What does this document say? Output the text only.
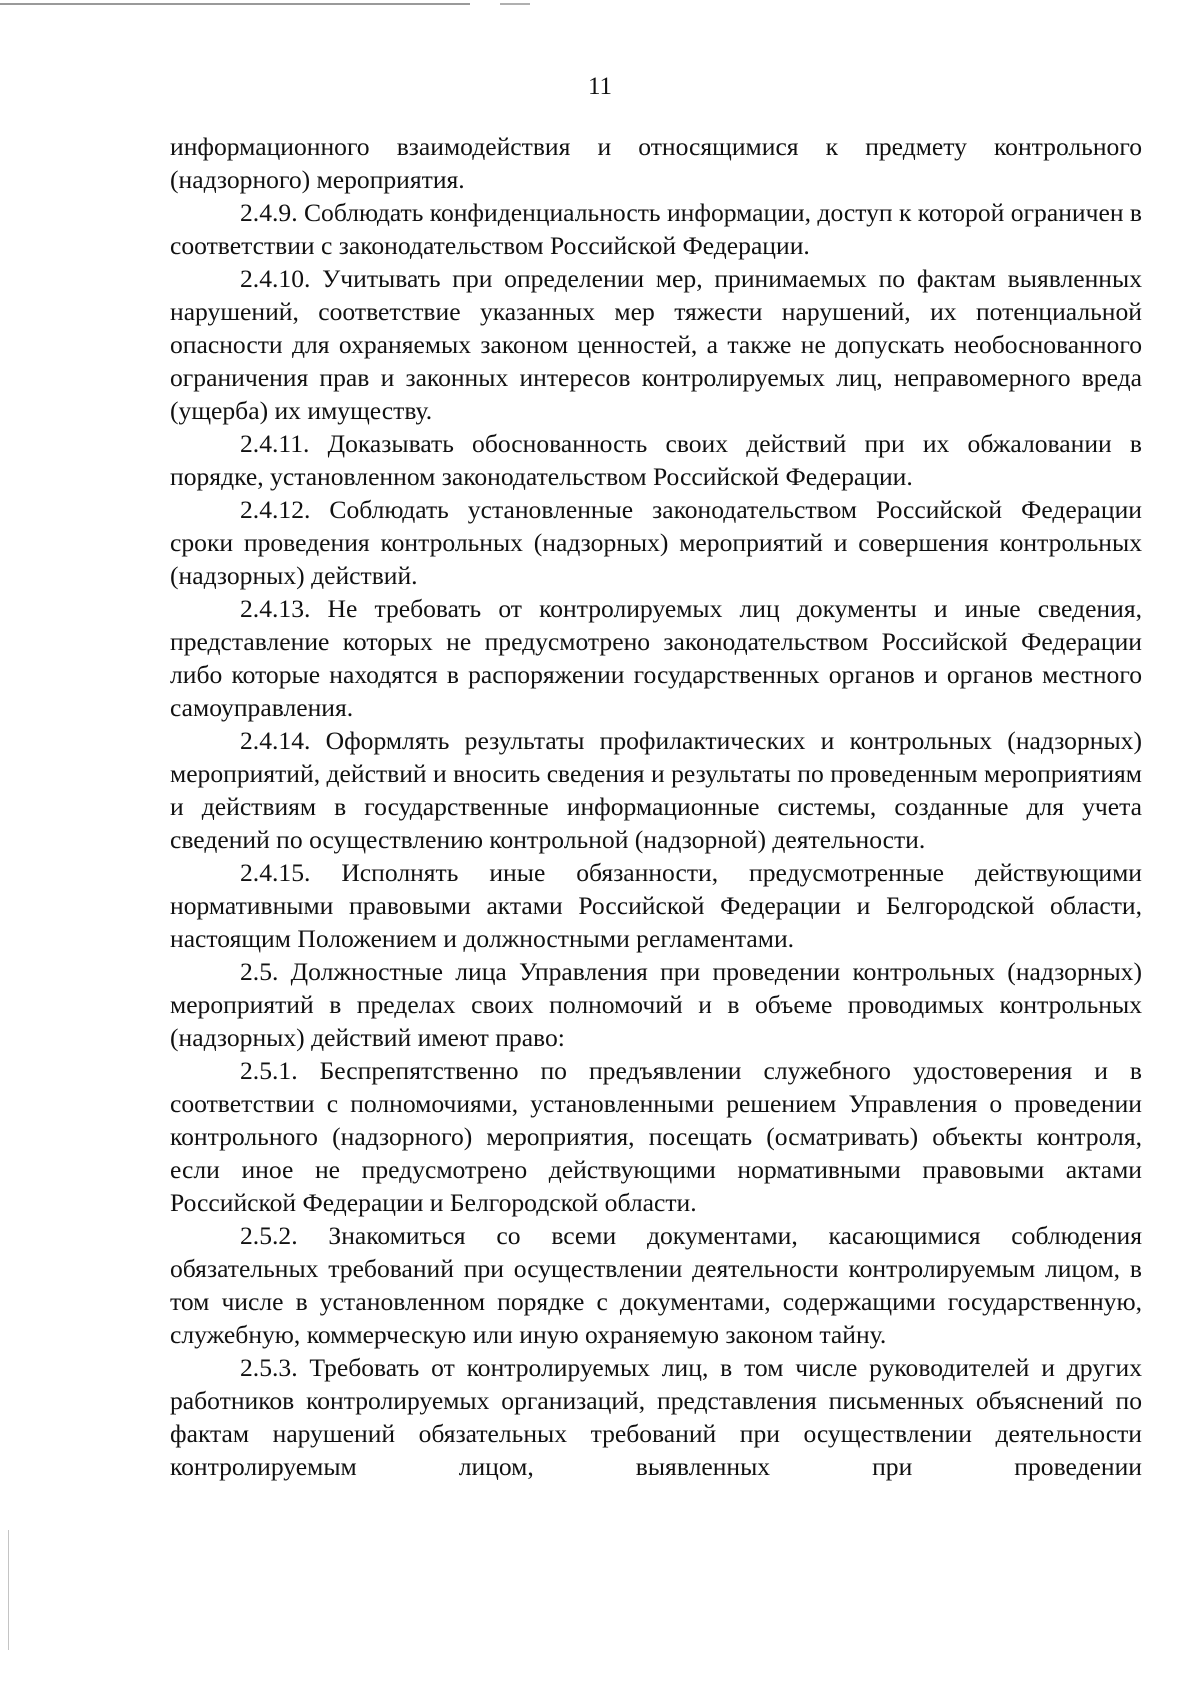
11

информационного взаимодействия и относящимися к предмету контрольного (надзорного) мероприятия.

2.4.9. Соблюдать конфиденциальность информации, доступ к которой ограничен в соответствии с законодательством Российской Федерации.

2.4.10. Учитывать при определении мер, принимаемых по фактам выявленных нарушений, соответствие указанных мер тяжести нарушений, их потенциальной опасности для охраняемых законом ценностей, а также не допускать необоснованного ограничения прав и законных интересов контролируемых лиц, неправомерного вреда (ущерба) их имуществу.

2.4.11. Доказывать обоснованность своих действий при их обжаловании в порядке, установленном законодательством Российской Федерации.

2.4.12. Соблюдать установленные законодательством Российской Федерации сроки проведения контрольных (надзорных) мероприятий и совершения контрольных (надзорных) действий.

2.4.13. Не требовать от контролируемых лиц документы и иные сведения, представление которых не предусмотрено законодательством Российской Федерации либо которые находятся в распоряжении государственных органов и органов местного самоуправления.

2.4.14. Оформлять результаты профилактических и контрольных (надзорных) мероприятий, действий и вносить сведения и результаты по проведенным мероприятиям и действиям в государственные информационные системы, созданные для учета сведений по осуществлению контрольной (надзорной) деятельности.

2.4.15. Исполнять иные обязанности, предусмотренные действующими нормативными правовыми актами Российской Федерации и Белгородской области, настоящим Положением и должностными регламентами.

2.5. Должностные лица Управления при проведении контрольных (надзорных) мероприятий в пределах своих полномочий и в объеме проводимых контрольных (надзорных) действий имеют право:

2.5.1. Беспрепятственно по предъявлении служебного удостоверения и в соответствии с полномочиями, установленными решением Управления о проведении контрольного (надзорного) мероприятия, посещать (осматривать) объекты контроля, если иное не предусмотрено действующими нормативными правовыми актами Российской Федерации и Белгородской области.

2.5.2. Знакомиться со всеми документами, касающимися соблюдения обязательных требований при осуществлении деятельности контролируемым лицом, в том числе в установленном порядке с документами, содержащими государственную, служебную, коммерческую или иную охраняемую законом тайну.

2.5.3. Требовать от контролируемых лиц, в том числе руководителей и других работников контролируемых организаций, представления письменных объяснений по фактам нарушений обязательных требований при осуществлении деятельности контролируемым лицом, выявленных при проведении
